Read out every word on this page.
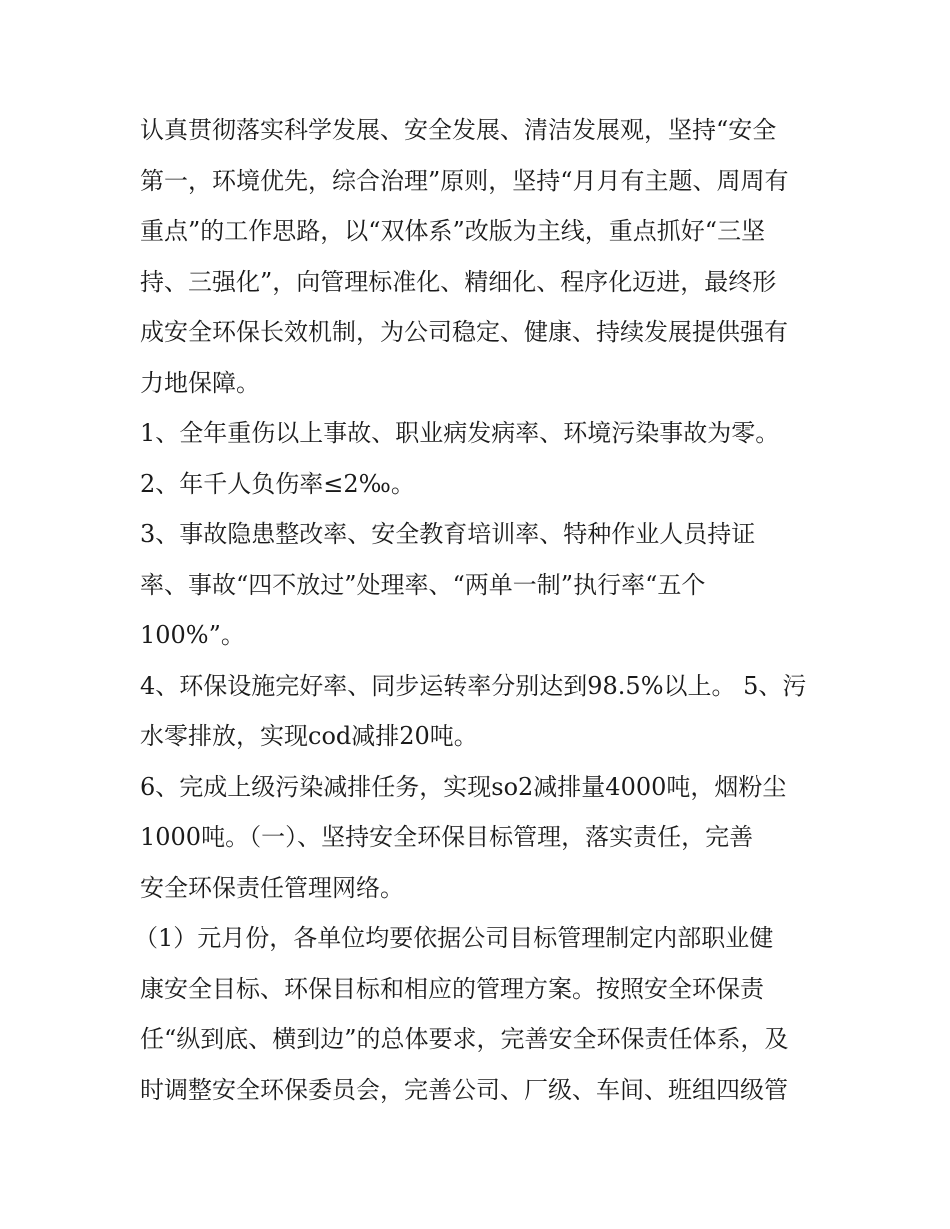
认真贯彻落实科学发展、安全发展、清洁发展观，坚持“安全
第一，环境优先，综合治理”原则，坚持“月月有主题、周周有
重点”的工作思路，以“双体系”改版为主线，重点抓好“三坚
持、三强化”，向管理标准化、精细化、程序化迈进，最终形
成安全环保长效机制，为公司稳定、健康、持续发展提供强有
力地保障。
1、全年重伤以上事故、职业病发病率、环境污染事故为零。
2、年千人负伤率≤2‰。
3、事故隐患整改率、安全教育培训率、特种作业人员持证
率、事故“四不放过”处理率、“两单一制”执行率“五个
100%”。
4、环保设施完好率、同步运转率分别达到98.5%以上。 5、污
水零排放，实现cod减排20吨。
6、完成上级污染减排任务，实现so2减排量4000吨，烟粉尘
1000吨。（一）、坚持安全环保目标管理，落实责任，完善
安全环保责任管理网络。
（1）元月份，各单位均要依据公司目标管理制定内部职业健
康安全目标、环保目标和相应的管理方案。按照安全环保责
任“纵到底、横到边”的总体要求，完善安全环保责任体系，及
时调整安全环保委员会，完善公司、厂级、车间、班组四级管
